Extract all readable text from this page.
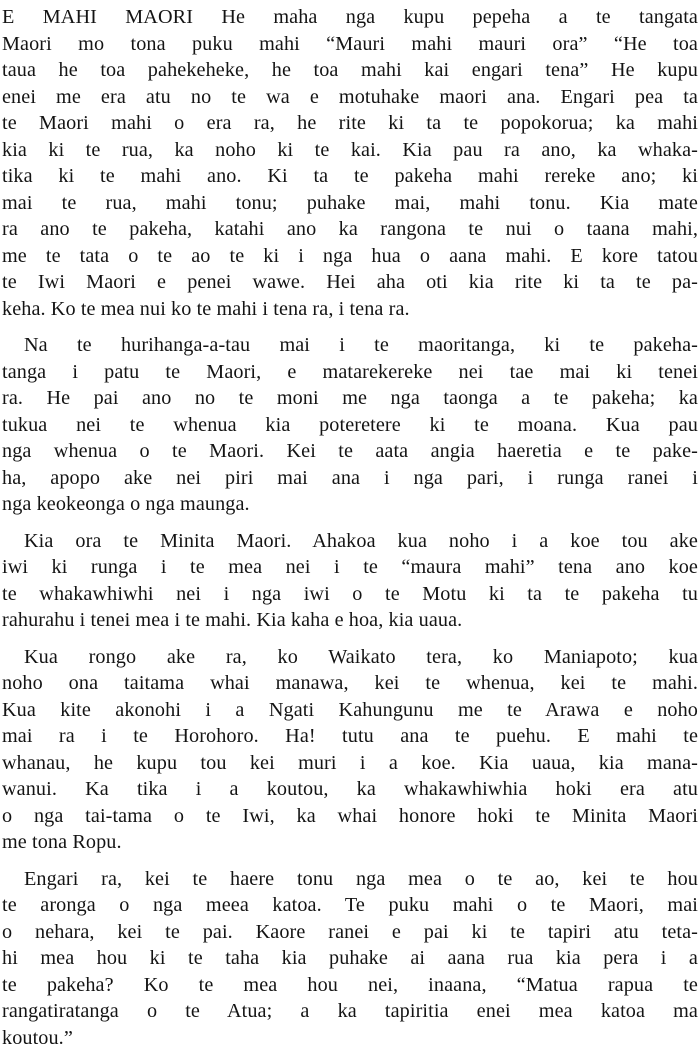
E MAHI MAORI He maha nga kupu pepeha a te tangata
Maori mo tona puku mahi “Mauri mahi mauri ora” “He toa
taua he toa pahekeheke, he toa mahi kai engari tena” He kupu
enei me era atu no te wa e motuhake maori ana. Engari pea ta
te Maori mahi o era ra, he rite ki ta te popokorua; ka mahi
kia ki te rua, ka noho ki te kai. Kia pau ra ano, ka whaka-
tika ki te mahi ano. Ki ta te pakeha mahi rereke ano; ki
mai te rua, mahi tonu; puhake mai, mahi tonu. Kia mate
ra ano te pakeha, katahi ano ka rangona te nui o taana mahi,
me te tata o te ao te ki i nga hua o aana mahi. E kore tatou
te Iwi Maori e penei wawe. Hei aha oti kia rite ki ta te pa-
keha. Ko te mea nui ko te mahi i tena ra, i tena ra.

Na te hurihanga-a-tau mai i te maoritanga, ki te pakeha-
tanga i patu te Maori, e matarekereke nei tae mai ki tenei
ra. He pai ano no te moni me nga taonga a te pakeha; ka
tukua nei te whenua kia poteretere ki te moana. Kua pau
nga whenua o te Maori. Kei te aata angia haeretia e te pake-
ha, apopo ake nei piri mai ana i nga pari, i runga ranei i
nga keokeonga o nga maunga.

Kia ora te Minita Maori. Ahakoa kua noho i a koe tou ake
iwi ki runga i te mea nei i te “maura mahi” tena ano koe
te whakawhiwhi nei i nga iwi o te Motu ki ta te pakeha tu
rahurahu i tenei mea i te mahi. Kia kaha e hoa, kia uaua.

Kua rongo ake ra, ko Waikato tera, ko Maniapoto; kua
noho ona taitama whai manawa, kei te whenua, kei te mahi.
Kua kite akonohi i a Ngati Kahungunu me te Arawa e noho
mai ra i te Horohoro. Ha! tutu ana te puehu. E mahi te
whanau, he kupu tou kei muri i a koe. Kia uaua, kia mana-
wanui. Ka tika i a koutou, ka whakawhiwhia hoki era atu
o nga tai-tama o te Iwi, ka whai honore hoki te Minita Maori
me tona Ropu.

Engari ra, kei te haere tonu nga mea o te ao, kei te hou
te aronga o nga meea katoa. Te puku mahi o te Maori, mai
o nehara, kei te pai. Kaore ranei e pai ki te tapiri atu teta-
hi mea hou ki te taha kia puhake ai aana rua kia pera i a
te pakeha? Ko te mea hou nei, inaana, “Matua rapua te
rangatiratanga o te Atua; a ka tapiritia enei mea katoa ma
koutou.”
